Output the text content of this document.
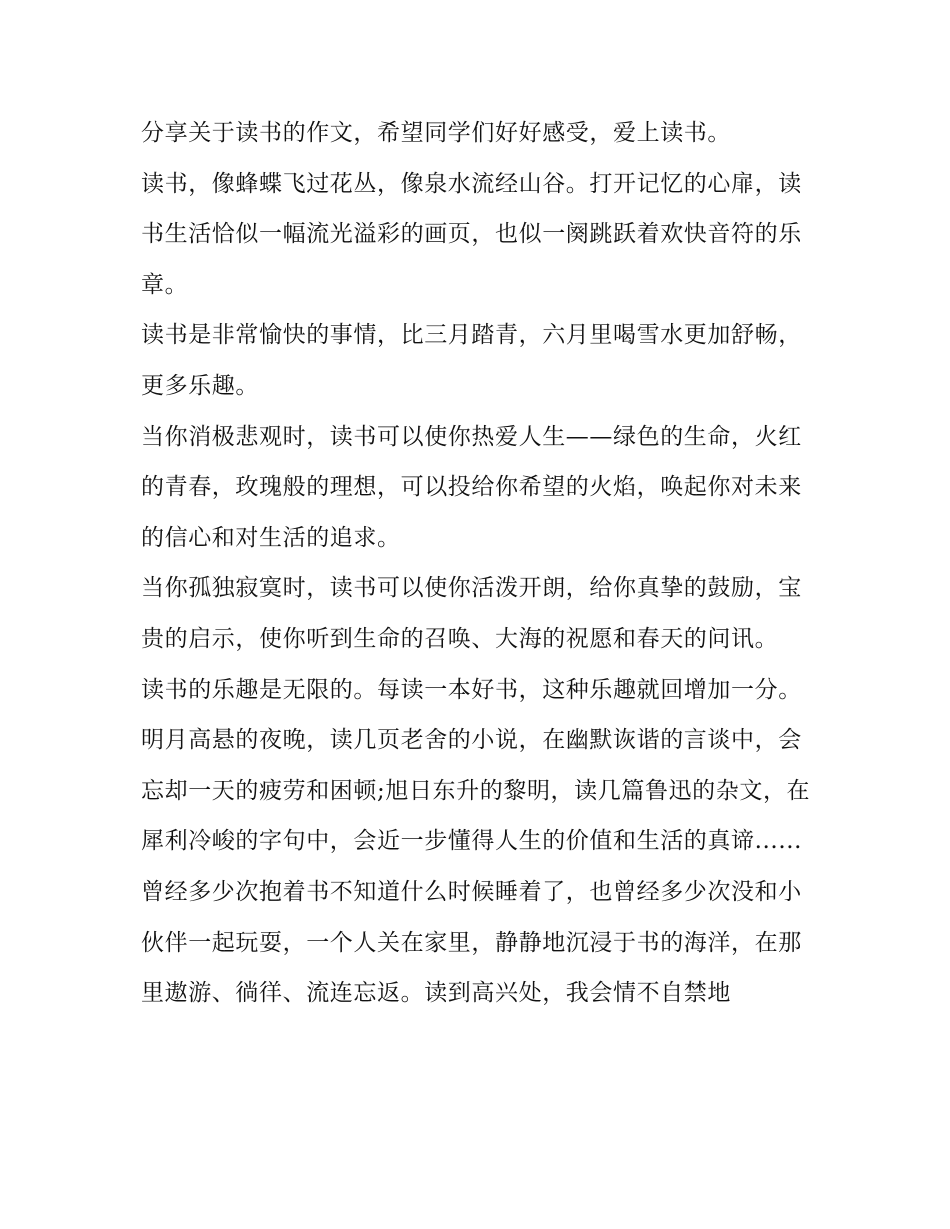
分享关于读书的作文，希望同学们好好感受，爱上读书。

读书，像蜂蝶飞过花丛，像泉水流经山谷。打开记忆的心扉，读书生活恰似一幅流光溢彩的画页，也似一阕跳跃着欢快音符的乐章。

读书是非常愉快的事情，比三月踏青，六月里喝雪水更加舒畅，更多乐趣。

当你消极悲观时，读书可以使你热爱人生——绿色的生命，火红的青春，玫瑰般的理想，可以投给你希望的火焰，唤起你对未来的信心和对生活的追求。

当你孤独寂寞时，读书可以使你活泼开朗，给你真挚的鼓励，宝贵的启示，使你听到生命的召唤、大海的祝愿和春天的问讯。

读书的乐趣是无限的。每读一本好书，这种乐趣就回增加一分。明月高悬的夜晚，读几页老舍的小说，在幽默诙谐的言谈中，会忘却一天的疲劳和困顿;旭日东升的黎明，读几篇鲁迅的杂文，在犀利冷峻的字句中，会近一步懂得人生的价值和生活的真谛......

曾经多少次抱着书不知道什么时候睡着了，也曾经多少次没和小伙伴一起玩耍，一个人关在家里，静静地沉浸于书的海洋，在那里遨游、徜徉、流连忘返。读到高兴处，我会情不自禁地
